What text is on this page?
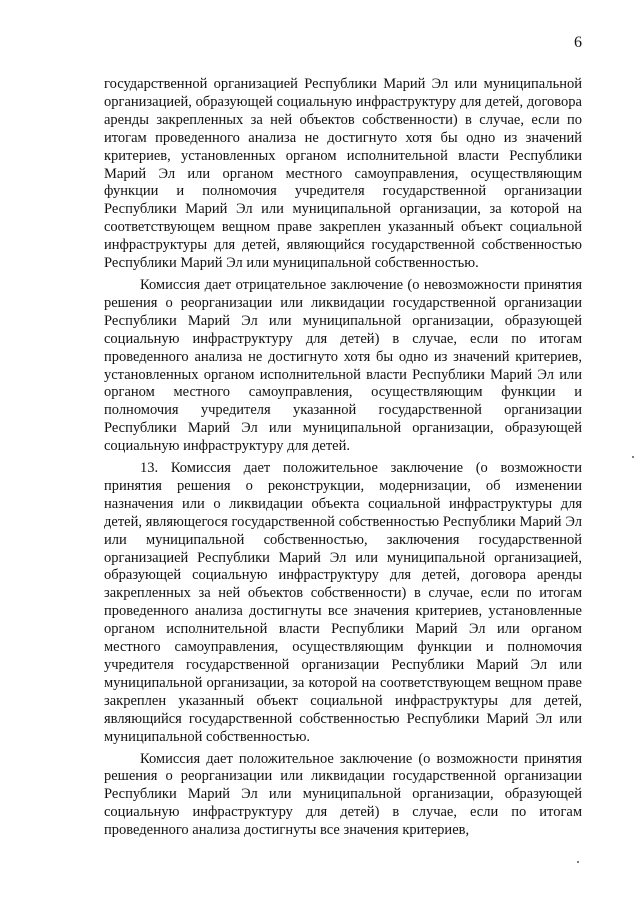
6

государственной организацией Республики Марий Эл или муниципальной организацией, образующей социальную инфраструктуру для детей, договора аренды закрепленных за ней объектов собственности) в случае, если по итогам проведенного анализа не достигнуто хотя бы одно из значений критериев, установленных органом исполнительной власти Республики Марий Эл или органом местного самоуправления, осуществляющим функции и полномочия учредителя государственной организации Республики Марий Эл или муниципальной организации, за которой на соответствующем вещном праве закреплен указанный объект социальной инфраструктуры для детей, являющийся государственной собственностью Республики Марий Эл или муниципальной собственностью.

Комиссия дает отрицательное заключение (о невозможности принятия решения о реорганизации или ликвидации государственной организации Республики Марий Эл или муниципальной организации, образующей социальную инфраструктуру для детей) в случае, если по итогам проведенного анализа не достигнуто хотя бы одно из значений критериев, установленных органом исполнительной власти Республики Марий Эл или органом местного самоуправления, осуществляющим функции и полномочия учредителя указанной государственной организации Республики Марий Эл или муниципальной организации, образующей социальную инфраструктуру для детей.

13. Комиссия дает положительное заключение (о возможности принятия решения о реконструкции, модернизации, об изменении назначения или о ликвидации объекта социальной инфраструктуры для детей, являющегося государственной собственностью Республики Марий Эл или муниципальной собственностью, заключения государственной организацией Республики Марий Эл или муниципальной организацией, образующей социальную инфраструктуру для детей, договора аренды закрепленных за ней объектов собственности) в случае, если по итогам проведенного анализа достигнуты все значения критериев, установленные органом исполнительной власти Республики Марий Эл или органом местного самоуправления, осуществляющим функции и полномочия учредителя государственной организации Республики Марий Эл или муниципальной организации, за которой на соответствующем вещном праве закреплен указанный объект социальной инфраструктуры для детей, являющийся государственной собственностью Республики Марий Эл или муниципальной собственностью.

Комиссия дает положительное заключение (о возможности принятия решения о реорганизации или ликвидации государственной организации Республики Марий Эл или муниципальной организации, образующей социальную инфраструктуру для детей) в случае, если по итогам проведенного анализа достигнуты все значения критериев,
